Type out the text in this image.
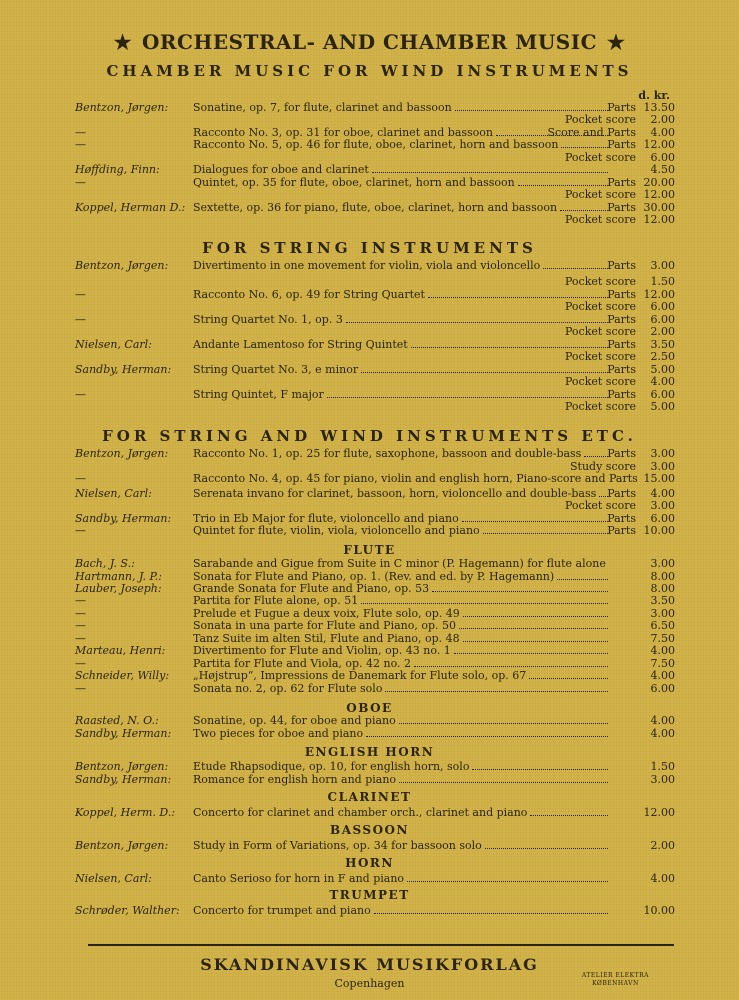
★ ORCHESTRAL- AND CHAMBER MUSIC ★
CHAMBER MUSIC FOR WIND INSTRUMENTS
d. kr.
FOR STRING INSTRUMENTS
FOR STRING AND WIND INSTRUMENTS ETC.
FLUTE
OBOE
ENGLISH HORN
CLARINET
BASSOON
HORN
TRUMPET
Bentzon, Jørgen: Sonatine, op. 7, for flute, clarinet and bassoon	Parts 13.50
Pocket score	2.00
—	Racconto No. 3, op. 31 for oboe, clarinet and bassoon	Score and Parts	4.00
—	Racconto No. 5, op. 46 for flute, oboe, clarinet, horn and bassoon	Parts 12.00
Pocket score	6.00
Høffding, Finn:	Dialogues for oboe and clarinet	4.50
—	Quintet, op. 35 for flute, oboe, clarinet, horn and bassoon	Parts 20.00
Pocket score 12.00
Koppel, Herman D.: Sextette, op. 36 for piano, flute, oboe, clarinet, horn and bassoon	Parts 30.00
Pocket score 12.00
Bentzon, Jørgen: Divertimento in one movement for violin, viola and violoncello	Parts	3.00
Pocket score	1.50
—	Racconto No. 6, op. 49 for String Quartet	Parts 12.00
Pocket score	6.00
—	String Quartet No. 1, op. 3	Parts	6.00
Pocket score	2.00
Nielsen, Carl:	Andante Lamentoso for String Quintet	Parts	3.50
Pocket score	2.50
Sandby, Herman: String Quartet No. 3, e minor	Parts	5.00
Pocket score	4.00
—	String Quintet, F major	Parts	6.00
Pocket score	5.00
Bentzon, Jørgen: Racconto No. 1, op. 25 for flute, saxophone, bassoon and double-bass	Parts	3.00
Study score	3.00
—	Racconto No. 4, op. 45 for piano, violin and english horn, Piano-score and Parts 15.00
Nielsen, Carl:	Serenata invano for clarinet, bassoon, horn, violoncello and double-bass Parts	4.00
Pocket score	3.00
Sandby, Herman: Trio in Eb Major for flute, violoncello and piano	Parts	6.00
—	Quintet for flute, violin, viola, violoncello and piano	Parts 10.00
Bach, J. S.:	Sarabande and Gigue from Suite in C minor (P. Hagemann) for flute alone	3.00
Hartmann, J. P.:	Sonata for Flute and Piano, op. 1. (Rev. and ed. by P. Hagemann)	8.00
Lauber, Joseph:	Grande Sonata for Flute and Piano, op. 53	8.00
—	Partita for Flute alone, op. 51	3.50
—	Prelude et Fugue a deux voix, Flute solo, op. 49	3.00
—	Sonata in una parte for Flute and Piano, op. 50	6.50
—	Tanz Suite im alten Stil, Flute and Piano, op. 48	7.50
Marteau, Henri:	Divertimento for Flute and Violin, op. 43 no. 1	4.00
—	Partita for Flute and Viola, op. 42 no. 2	7.50
Schneider, Willy: „Højstrup“, Impressions de Danemark for Flute solo, op. 67	4.00
—	Sonata no. 2, op. 62 for Flute solo	6.00
Raasted, N. O.:	Sonatine, op. 44, for oboe and piano	4.00
Sandby, Herman: Two pieces for oboe and piano	4.00
Bentzon, Jørgen: Etude Rhapsodique, op. 10, for english horn, solo	1.50
Sandby, Herman: Romance for english horn and piano	3.00
Koppel, Herm. D.: Concerto for clarinet and chamber orch., clarinet and piano	12.00
Bentzon, Jørgen: Study in Form of Variations, op. 34 for bassoon solo	2.00
Nielsen, Carl:	Canto Serioso for horn in F and piano	4.00
Schrøder, Walther: Concerto for trumpet and piano	10.00
SKANDINAVISK MUSIKFORLAG
Copenhagen
ATELIER ELEKTRA
KØBENHAVN
